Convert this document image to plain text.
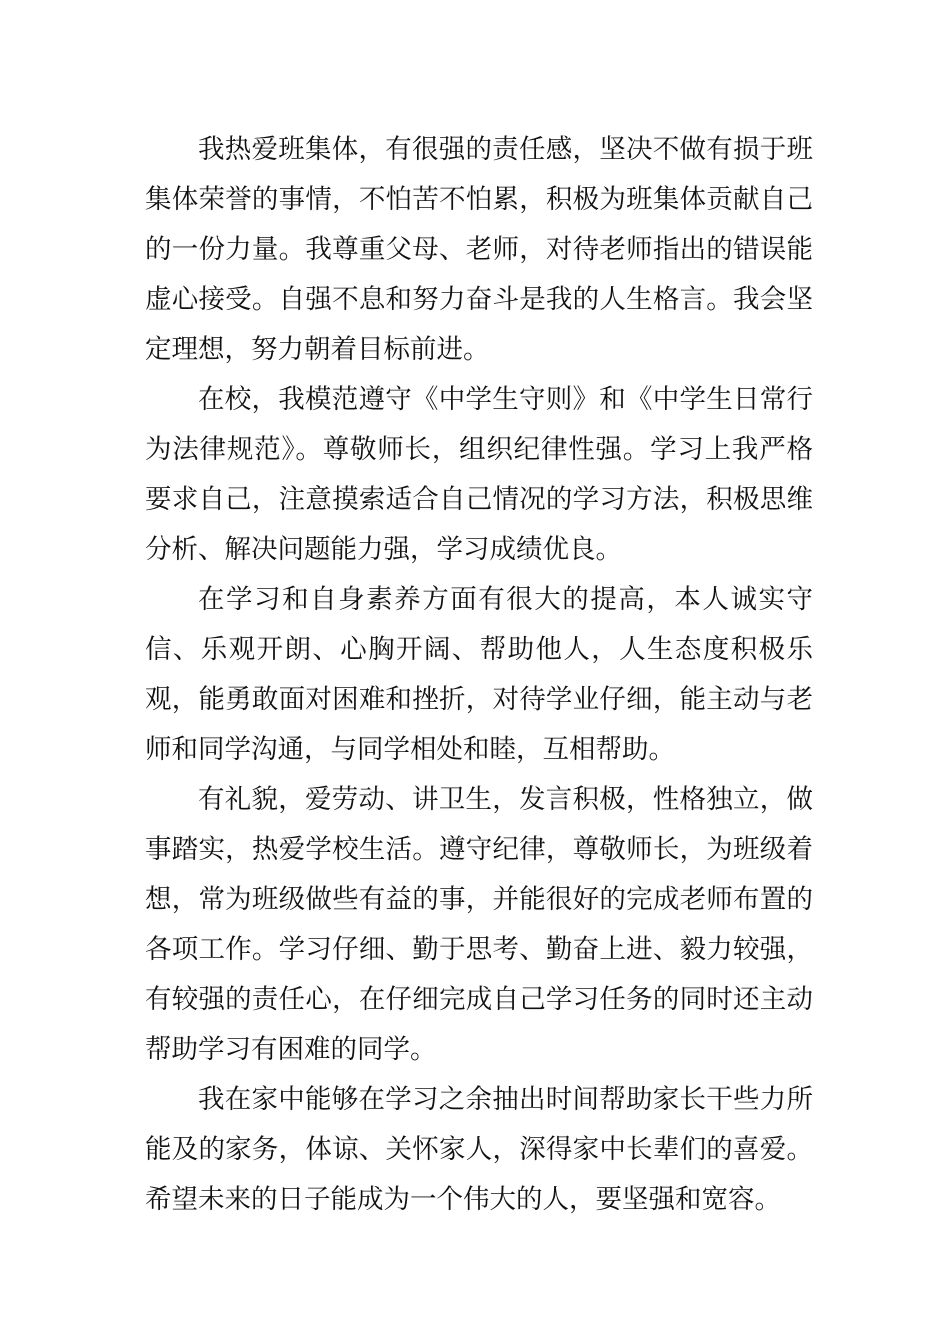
我热爱班集体，有很强的责任感，坚决不做有损于班集体荣誉的事情，不怕苦不怕累，积极为班集体贡献自己的一份力量。我尊重父母、老师，对待老师指出的错误能虚心接受。自强不息和努力奋斗是我的人生格言。我会坚定理想，努力朝着目标前进。

在校，我模范遵守《中学生守则》和《中学生日常行为法律规范》。尊敬师长，组织纪律性强。学习上我严格要求自己，注意摸索适合自己情况的学习方法，积极思维分析、解决问题能力强，学习成绩优良。

在学习和自身素养方面有很大的提高，本人诚实守信、乐观开朗、心胸开阔、帮助他人，人生态度积极乐观，能勇敢面对困难和挫折，对待学业仔细，能主动与老师和同学沟通，与同学相处和睦，互相帮助。

有礼貌，爱劳动、讲卫生，发言积极，性格独立，做事踏实，热爱学校生活。遵守纪律，尊敬师长，为班级着想，常为班级做些有益的事，并能很好的完成老师布置的各项工作。学习仔细、勤于思考、勤奋上进、毅力较强，有较强的责任心，在仔细完成自己学习任务的同时还主动帮助学习有困难的同学。

我在家中能够在学习之余抽出时间帮助家长干些力所能及的家务，体谅、关怀家人，深得家中长辈们的喜爱。希望未来的日子能成为一个伟大的人，要坚强和宽容。
